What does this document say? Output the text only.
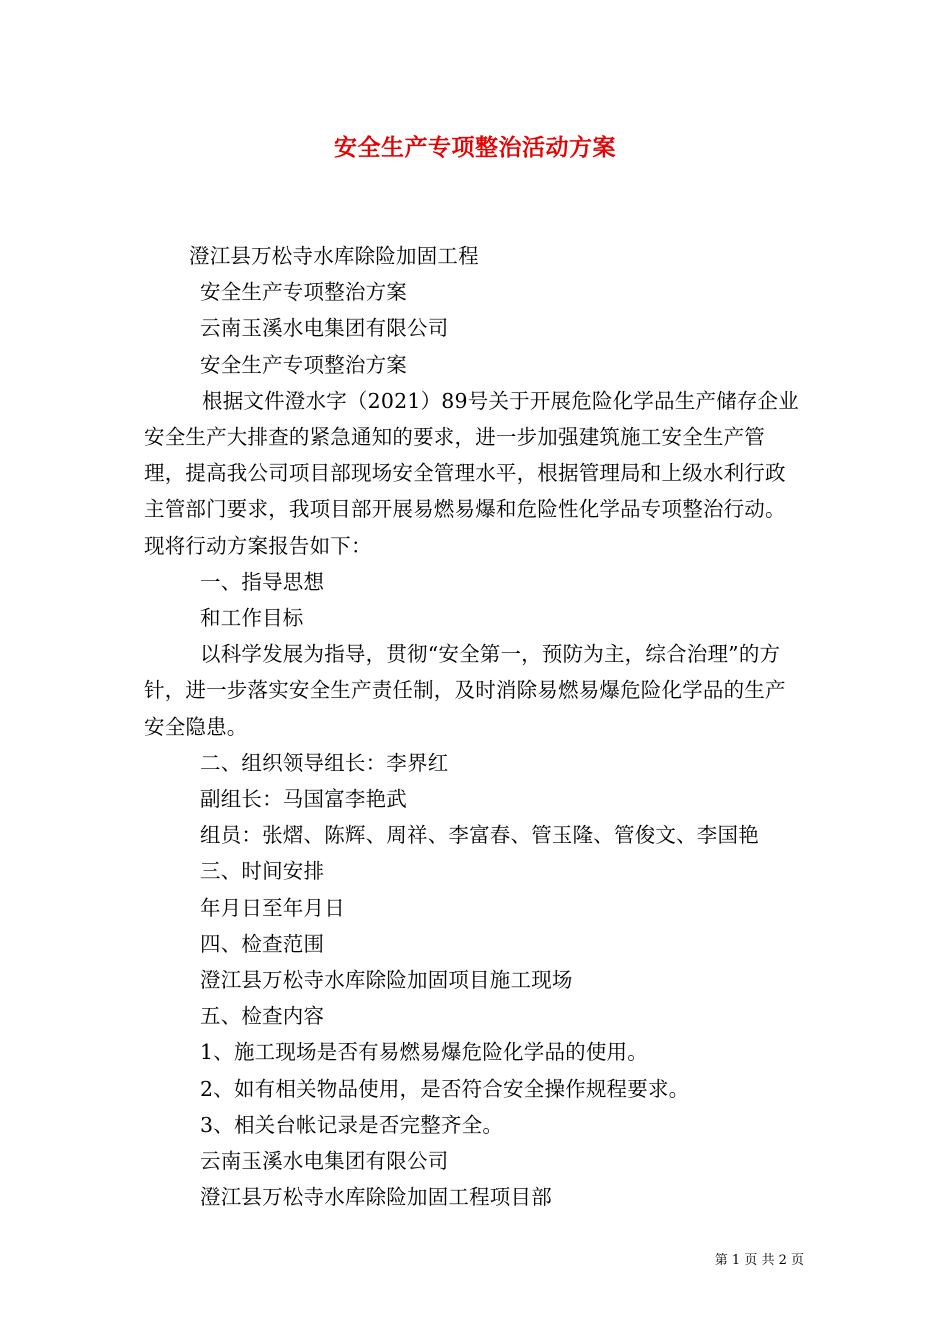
安全生产专项整治活动方案

澄江县万松寺水库除险加固工程

安全生产专项整治方案

云南玉溪水电集团有限公司

安全生产专项整治方案

根据文件澄水字（2021）89号关于开展危险化学品生产储存企业安全生产大排查的紧急通知的要求，进一步加强建筑施工安全生产管理，提高我公司项目部现场安全管理水平，根据管理局和上级水利行政主管部门要求，我项目部开展易燃易爆和危险性化学品专项整治行动。现将行动方案报告如下：

一、指导思想

和工作目标

以科学发展为指导，贯彻“安全第一，预防为主，综合治理”的方针，进一步落实安全生产责任制，及时消除易燃易爆危险化学品的生产安全隐患。

二、组织领导组长：李界红

副组长：马国富李艳武

组员：张熠、陈辉、周祥、李富春、管玉隆、管俊文、李国艳

三、时间安排

年月日至年月日

四、检查范围

澄江县万松寺水库除险加固项目施工现场

五、检查内容

1、施工现场是否有易燃易爆危险化学品的使用。

2、如有相关物品使用，是否符合安全操作规程要求。

3、相关台帐记录是否完整齐全。

云南玉溪水电集团有限公司

澄江县万松寺水库除险加固工程项目部

第 1 页 共 2 页
